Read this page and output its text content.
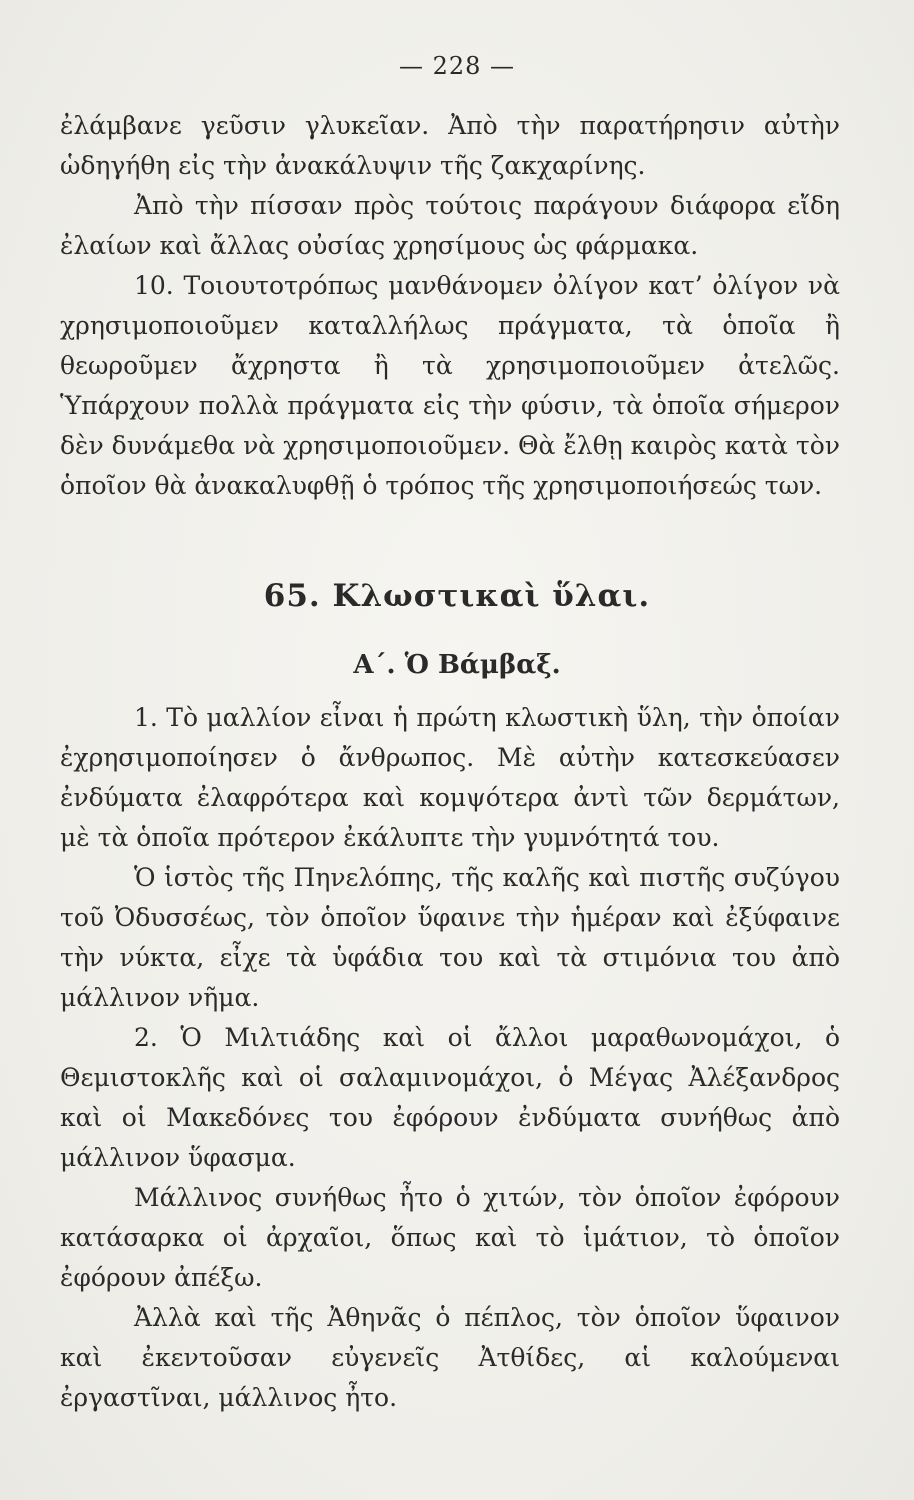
— 228 —

ἐλάμβανε γεῦσιν γλυκεῖαν. Ἀπὸ τὴν παρατήρησιν αὐτὴν ὡδηγήθη εἰς τὴν ἀνακάλυψιν τῆς ζακχαρίνης.

Ἀπὸ τὴν πίσσαν πρὸς τούτοις παράγουν διάφορα εἴδη ἐλαίων καὶ ἄλλας οὐσίας χρησίμους ὡς φάρμακα.

10. Τοιουτοτρόπως μανθάνομεν ὀλίγον κατ’ ὀλίγον νὰ χρησιμοποιοῦμεν καταλλήλως πράγματα, τὰ ὁποῖα ἢ θεωροῦμεν ἄχρηστα ἢ τὰ χρησιμοποιοῦμεν ἀτελῶς. Ὑπάρχουν πολλὰ πράγματα εἰς τὴν φύσιν, τὰ ὁποῖα σήμερον δὲν δυνάμεθα νὰ χρησιμοποιοῦμεν. Θὰ ἔλθῃ καιρὸς κατὰ τὸν ὁποῖον θὰ ἀνακαλυφθῇ ὁ τρόπος τῆς χρησιμοποιήσεώς των.

65. Κλωστικαὶ ὕλαι.
Α΄. Ὁ Βάμβαξ.

1. Τὸ μαλλίον εἶναι ἡ πρώτη κλωστικὴ ὕλη, τὴν ὁποίαν ἐχρησιμοποίησεν ὁ ἄνθρωπος. Μὲ αὐτὴν κατεσκεύασεν ἐνδύματα ἐλαφρότερα καὶ κομψότερα ἀντὶ τῶν δερμάτων, μὲ τὰ ὁποῖα πρότερον ἐκάλυπτε τὴν γυμνότητά του.

Ὁ ἱστὸς τῆς Πηνελόπης, τῆς καλῆς καὶ πιστῆς συζύγου τοῦ Ὀδυσσέως, τὸν ὁποῖον ὕφαινε τὴν ἡμέραν καὶ ἐξύφαινε τὴν νύκτα, εἶχε τὰ ὑφάδια του καὶ τὰ στιμόνια του ἀπὸ μάλλινον νῆμα.

2. Ὁ Μιλτιάδης καὶ οἱ ἄλλοι μαραθωνομάχοι, ὁ Θεμιστοκλῆς καὶ οἱ σαλαμινομάχοι, ὁ Μέγας Ἀλέξανδρος καὶ οἱ Μακεδόνες του ἐφόρουν ἐνδύματα συνήθως ἀπὸ μάλλινον ὕφασμα.

Μάλλινος συνήθως ἦτο ὁ χιτών, τὸν ὁποῖον ἐφόρουν κατάσαρκα οἱ ἀρχαῖοι, ὅπως καὶ τὸ ἱμάτιον, τὸ ὁποῖον ἐφόρουν ἀπέξω.

Ἀλλὰ καὶ τῆς Ἀθηνᾶς ὁ πέπλος, τὸν ὁποῖον ὕφαινον καὶ ἐκεντοῦσαν εὐγενεῖς Ἀτθίδες, αἱ καλούμεναι ἐργαστῖναι, μάλλινος ἦτο.
